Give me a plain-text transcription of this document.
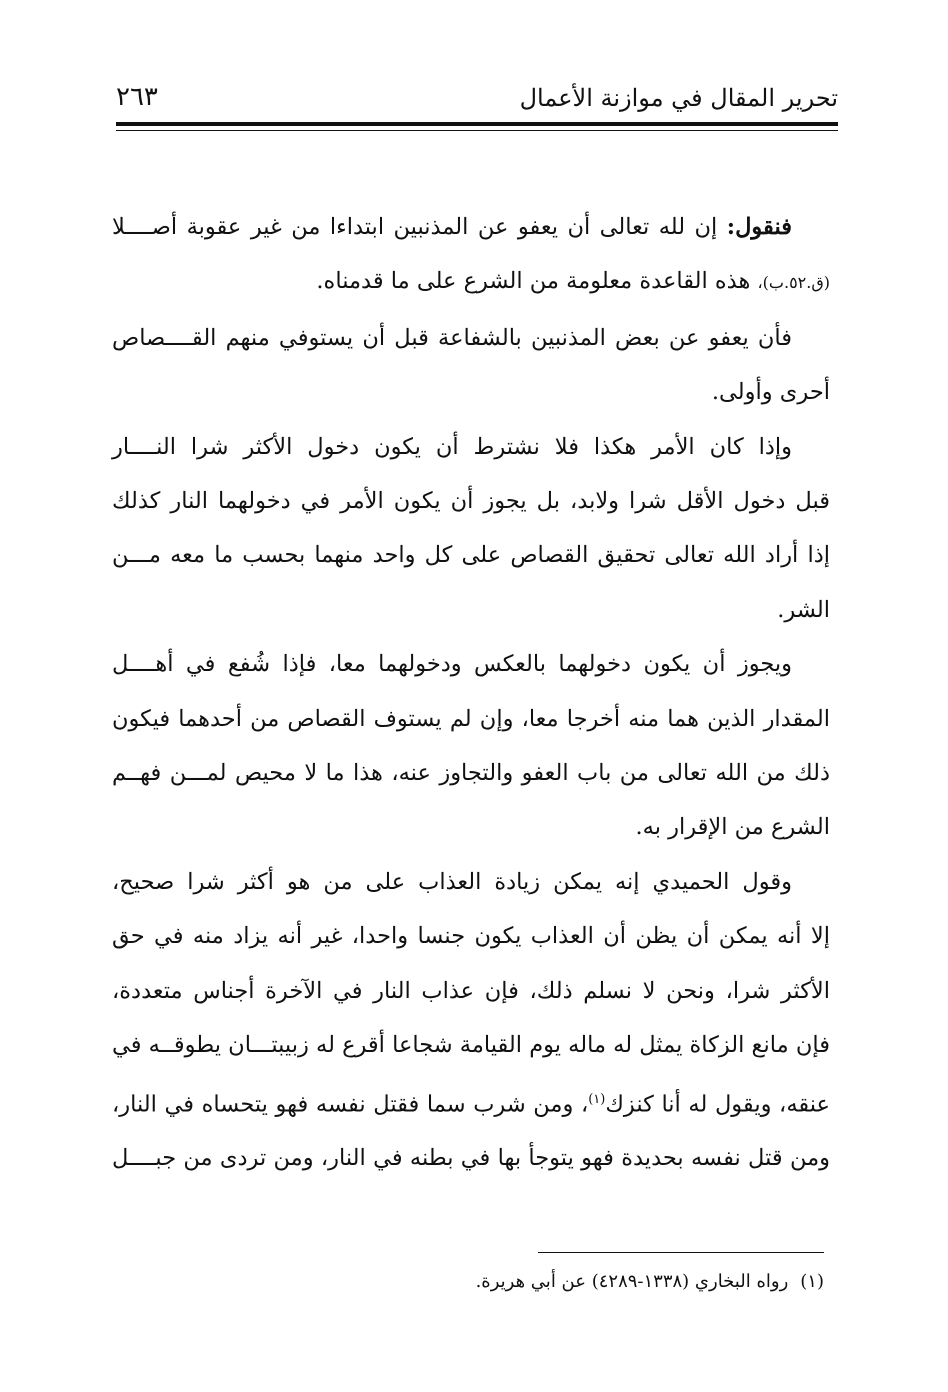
تحرير المقال في موازنة الأعمال
٢٦٣

فنقول: إن لله تعالى أن يعفو عن المذنبين ابتداءا من غير عقوبة أصــــلا
(ق.٥٢.ب)، هذه القاعدة معلومة من الشرع على ما قدمناه.

فأن يعفو عن بعض المذنبين بالشفاعة قبل أن يستوفي منهم القــــصاص
أحرى وأولى.

وإذا كان الأمر هكذا فلا نشترط أن يكون دخول الأكثر شرا النــــار
قبل دخول الأقل شرا ولابد، بل يجوز أن يكون الأمر في دخولهما النار كذلك
إذا أراد الله تعالى تحقيق القصاص على كل واحد منهما بحسب ما معه مـــن
الشر.

ويجوز أن يكون دخولهما بالعكس ودخولهما معا، فإذا شُفع في أهــــل
المقدار الذين هما منه أخرجا معا، وإن لم يستوف القصاص من أحدهما فيكون
ذلك من الله تعالى من باب العفو والتجاوز عنه، هذا ما لا محيص لمـــن فهــم
الشرع من الإقرار به.

وقول الحميدي إنه يمكن زيادة العذاب على من هو أكثر شرا صحيح،
إلا أنه يمكن أن يظن أن العذاب يكون جنسا واحدا، غير أنه يزاد منه في حق
الأكثر شرا، ونحن لا نسلم ذلك، فإن عذاب النار في الآخرة أجناس متعددة،
فإن مانع الزكاة يمثل له ماله يوم القيامة شجاعا أقرع له زبيبتـــان يطوقــه في
عنقه، ويقول له أنا كنزك$^{(١)}$، ومن شرب سما فقتل نفسه فهو يتحساه في النار،
ومن قتل نفسه بحديدة فهو يتوجأ بها في بطنه في النار، ومن تردى من جبــــل

(١)رواه البخاري (١٣٣٨-٤٢٨٩) عن أبي هريرة.
